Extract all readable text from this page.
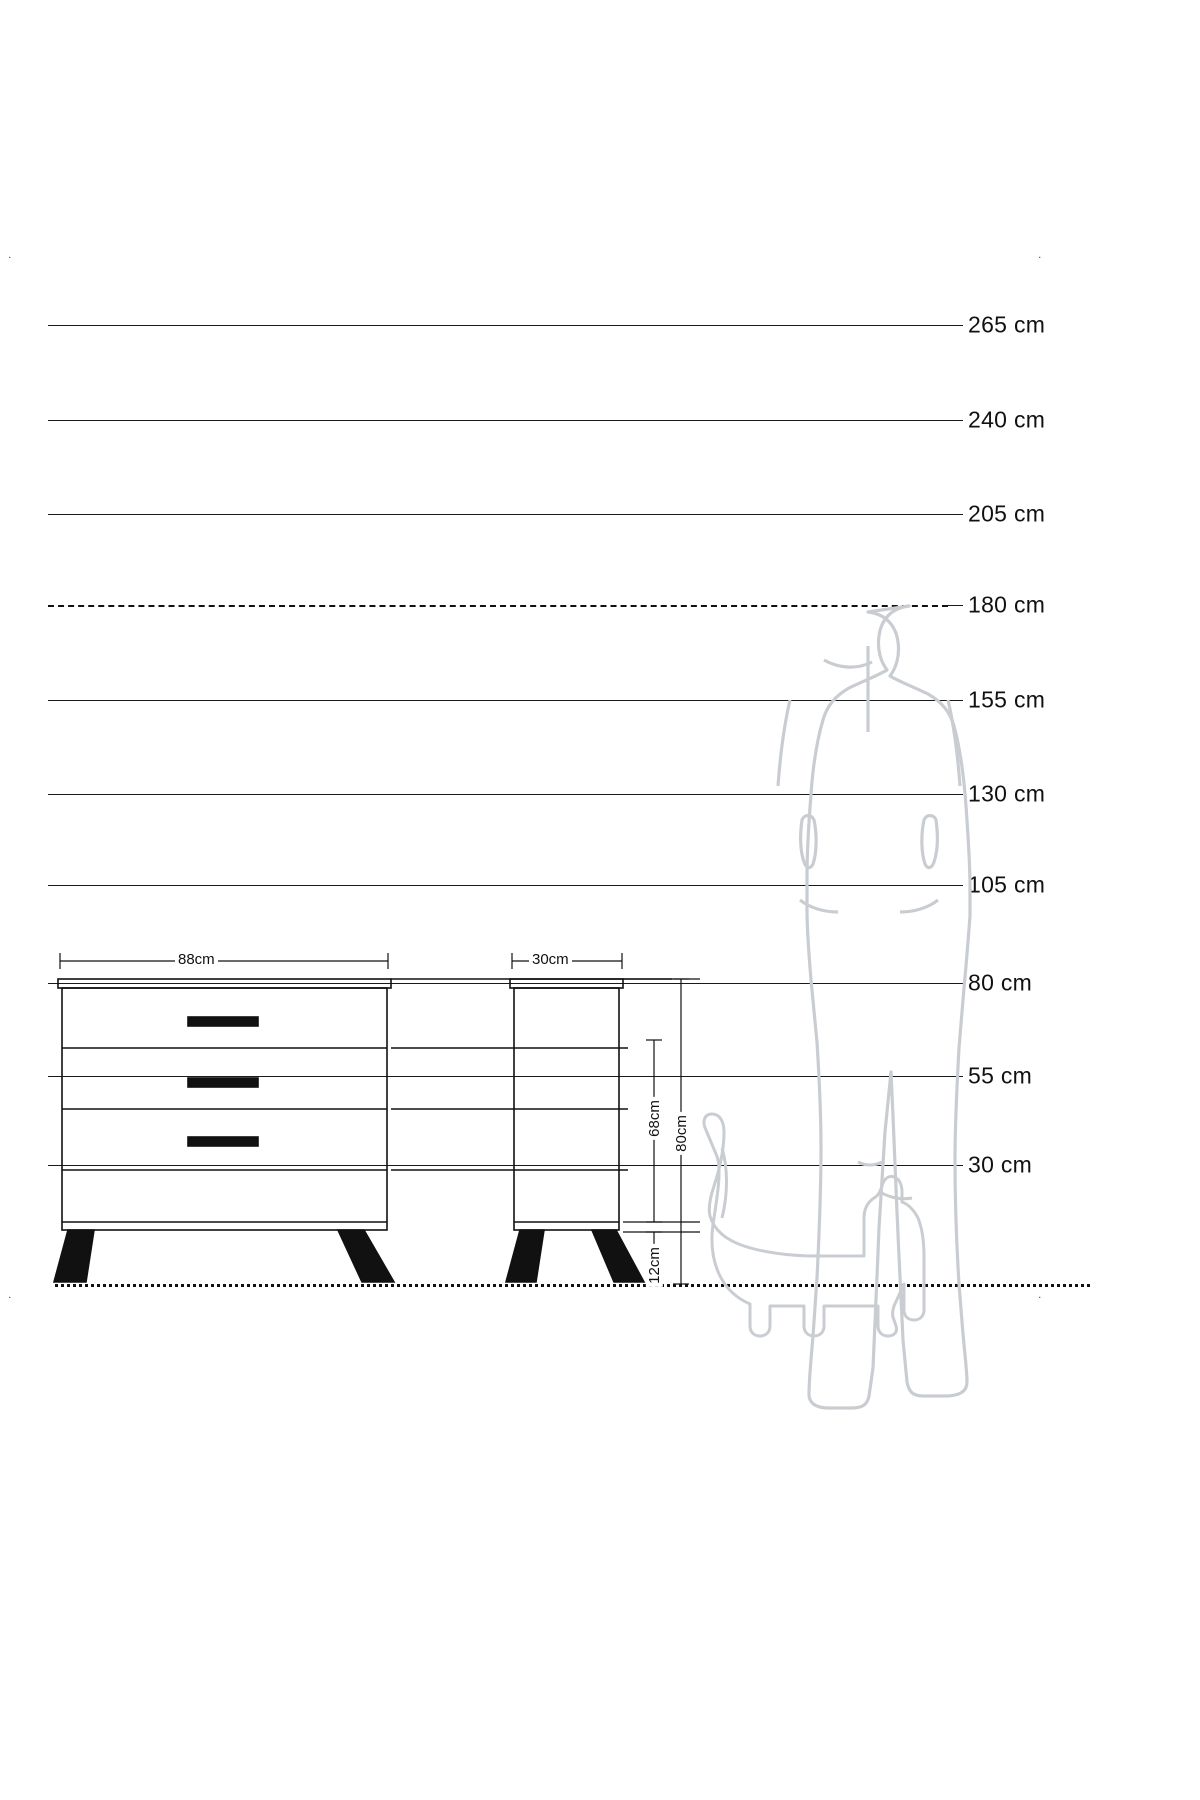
˙	˙
˙	˙
265 cm
240 cm
205 cm
180 cm
155 cm
130 cm
105 cm
80 cm
55 cm
30 cm
88cm	30cm
68cm 80cm
12cm
